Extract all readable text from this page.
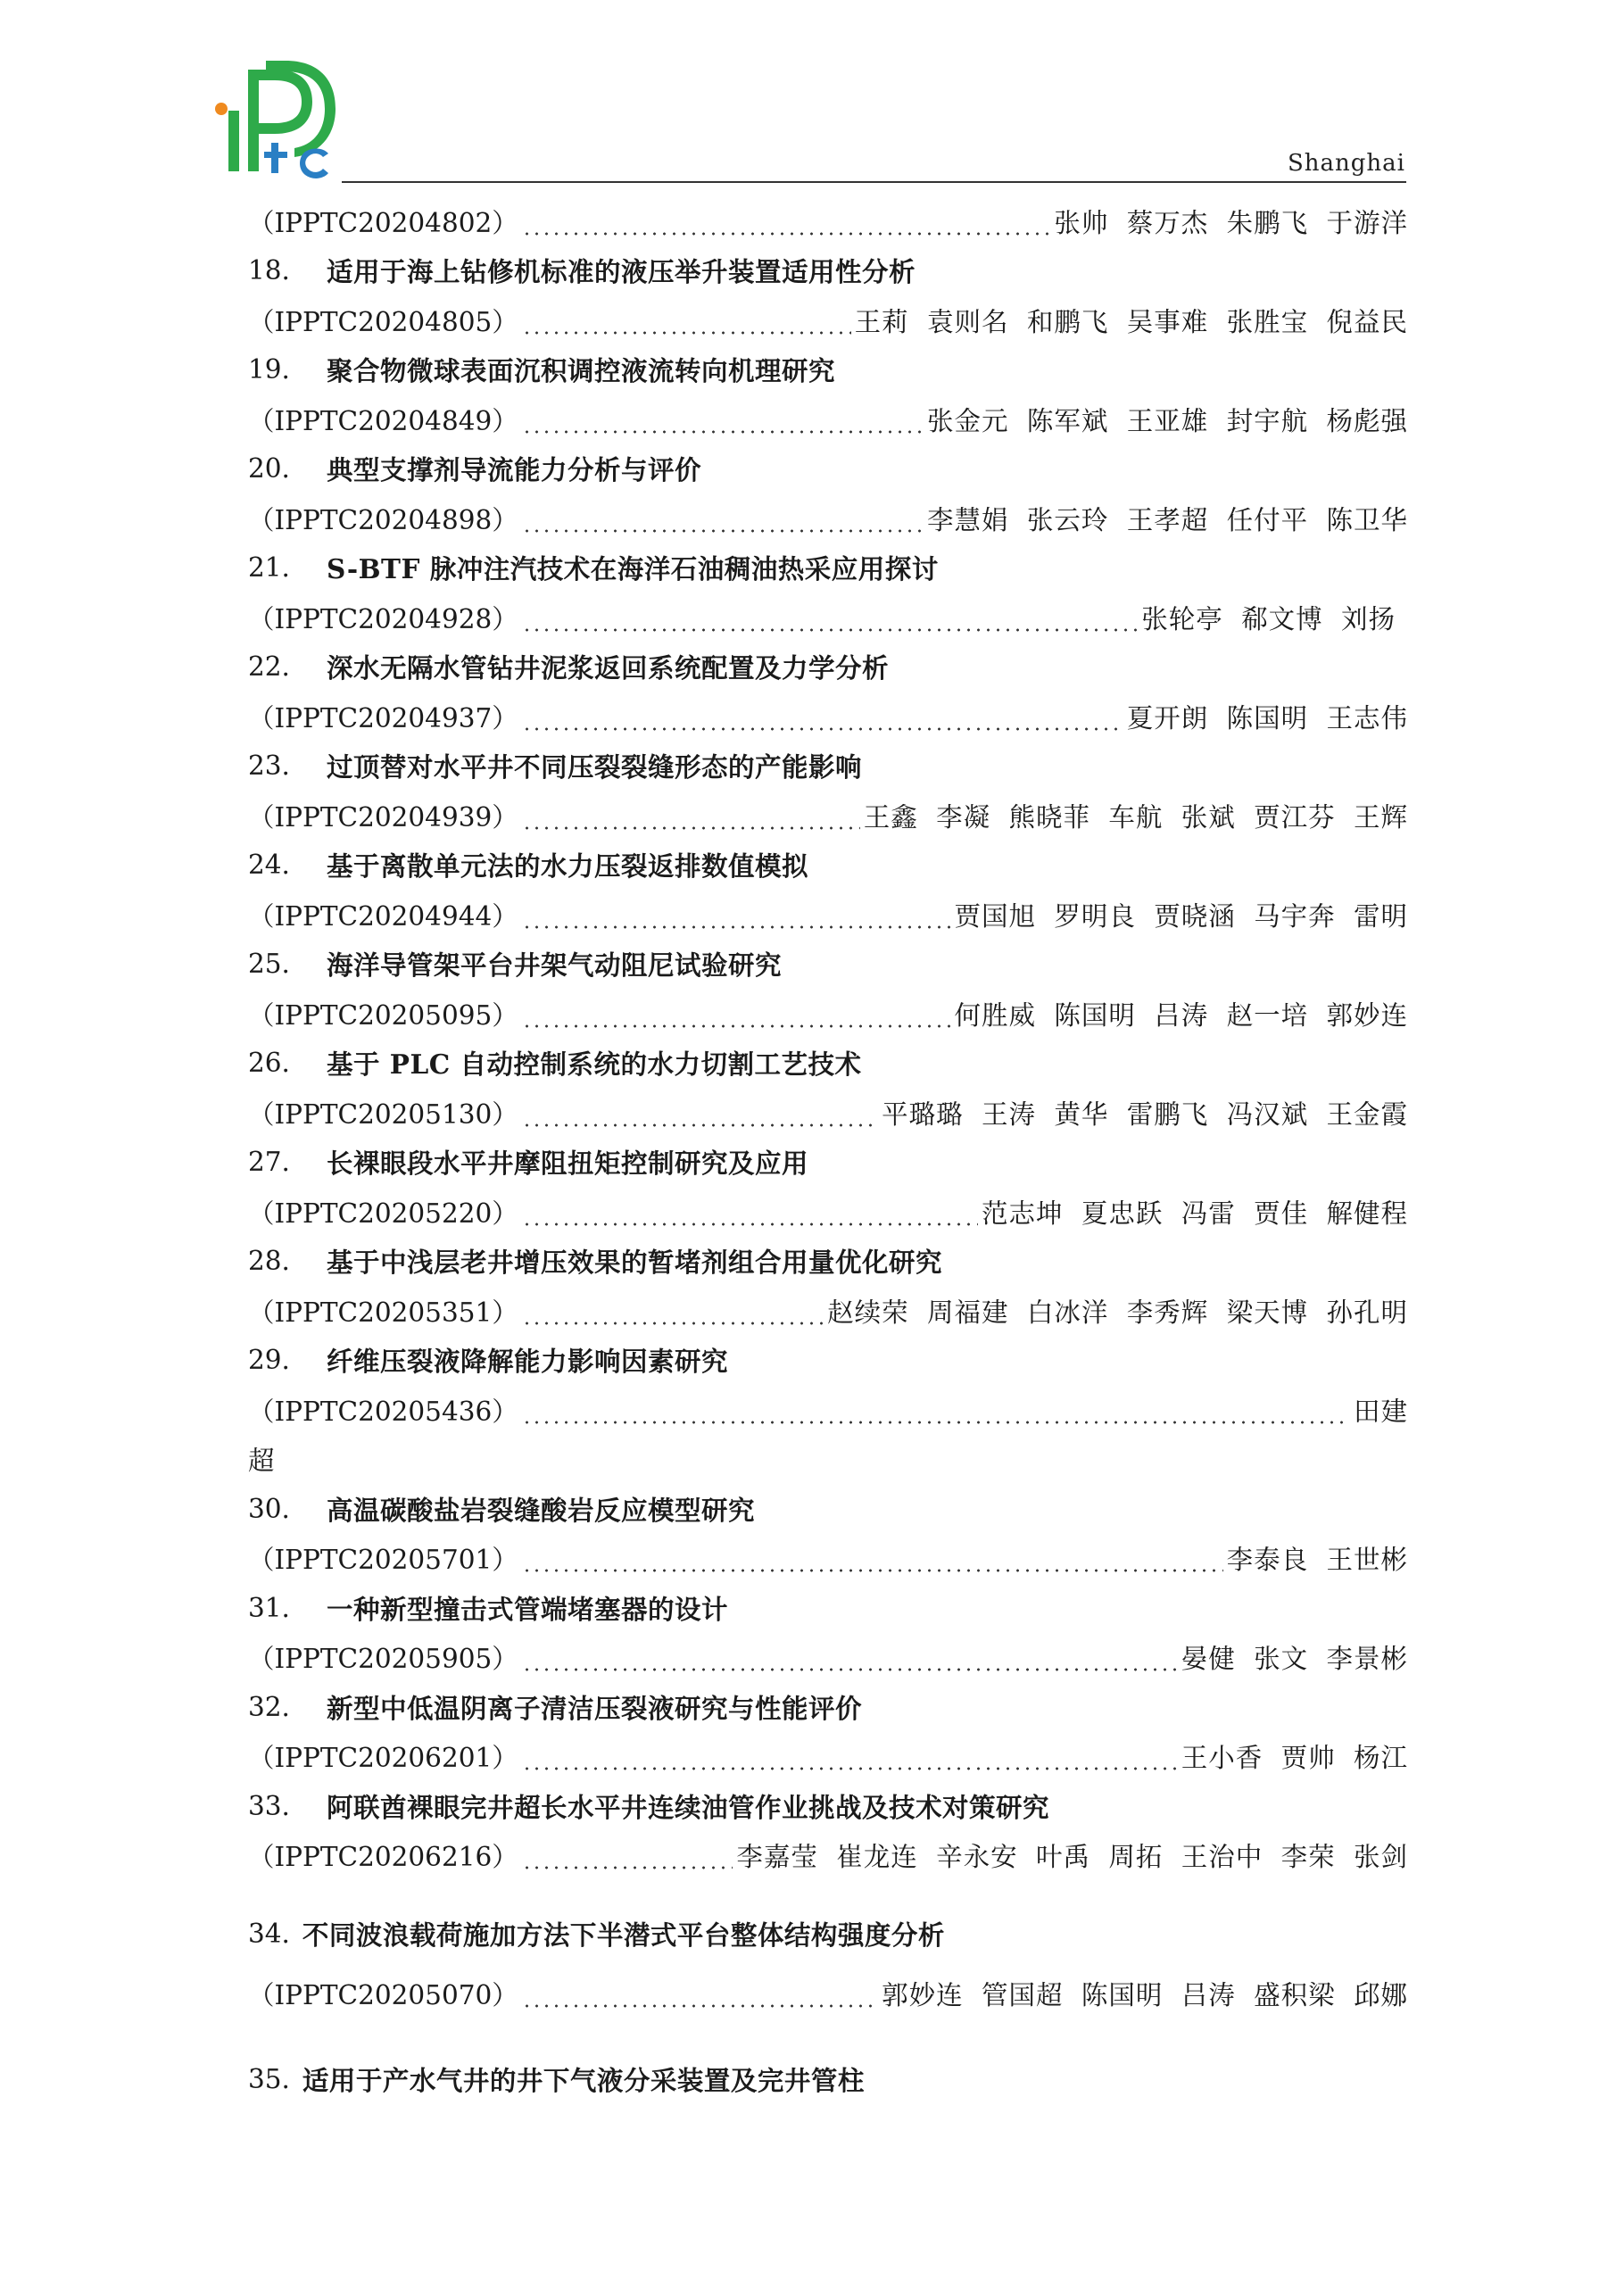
Shanghai
（IPPTC20204802）	张帅 蔡万杰 朱鹏飞 于游洋
18.	适用于海上钻修机标准的液压举升装置适用性分析
（IPPTC20204805）	王莉 袁则名 和鹏飞 吴事难 张胜宝 倪益民
19.	聚合物微球表面沉积调控液流转向机理研究
（IPPTC20204849）	张金元 陈军斌 王亚雄 封宇航 杨彪强
20.	典型支撑剂导流能力分析与评价
（IPPTC20204898）	李慧娟 张云玲 王孝超 任付平 陈卫华
21.	S-BTF 脉冲注汽技术在海洋石油稠油热采应用探讨
（IPPTC20204928）	张轮亭 郗文博 刘扬
22.	深水无隔水管钻井泥浆返回系统配置及力学分析
（IPPTC20204937）	夏开朗 陈国明 王志伟
23.	过顶替对水平井不同压裂裂缝形态的产能影响
（IPPTC20204939）	王鑫 李凝 熊晓菲 车航 张斌 贾江芬 王辉
24.	基于离散单元法的水力压裂返排数值模拟
（IPPTC20204944）	贾国旭 罗明良 贾晓涵 马宇奔 雷明
25.	海洋导管架平台井架气动阻尼试验研究
（IPPTC20205095）	何胜威 陈国明 吕涛 赵一培 郭妙连
26.	基于 PLC 自动控制系统的水力切割工艺技术
（IPPTC20205130）	平璐璐 王涛 黄华 雷鹏飞 冯汉斌 王金霞
27.	长裸眼段水平井摩阻扭矩控制研究及应用
（IPPTC20205220）	范志坤 夏忠跃 冯雷 贾佳 解健程
28.	基于中浅层老井增压效果的暂堵剂组合用量优化研究
（IPPTC20205351）	赵续荣 周福建 白冰洋 李秀辉 梁天博 孙孔明
29.	纤维压裂液降解能力影响因素研究
（IPPTC20205436）	田建
超
30.	高温碳酸盐岩裂缝酸岩反应模型研究
（IPPTC20205701）	李泰良 王世彬
31.	一种新型撞击式管端堵塞器的设计
（IPPTC20205905）	晏健 张文 李景彬
32.	新型中低温阴离子清洁压裂液研究与性能评价
（IPPTC20206201）	王小香 贾帅 杨江
33.	阿联酋裸眼完井超长水平井连续油管作业挑战及技术对策研究
（IPPTC20206216）	李嘉莹 崔龙连 辛永安 叶禹 周拓 王治中 李荣 张剑
34. 不同波浪载荷施加方法下半潜式平台整体结构强度分析
（IPPTC20205070）	郭妙连 管国超 陈国明 吕涛 盛积梁 邱娜
35. 适用于产水气井的井下气液分采装置及完井管柱
